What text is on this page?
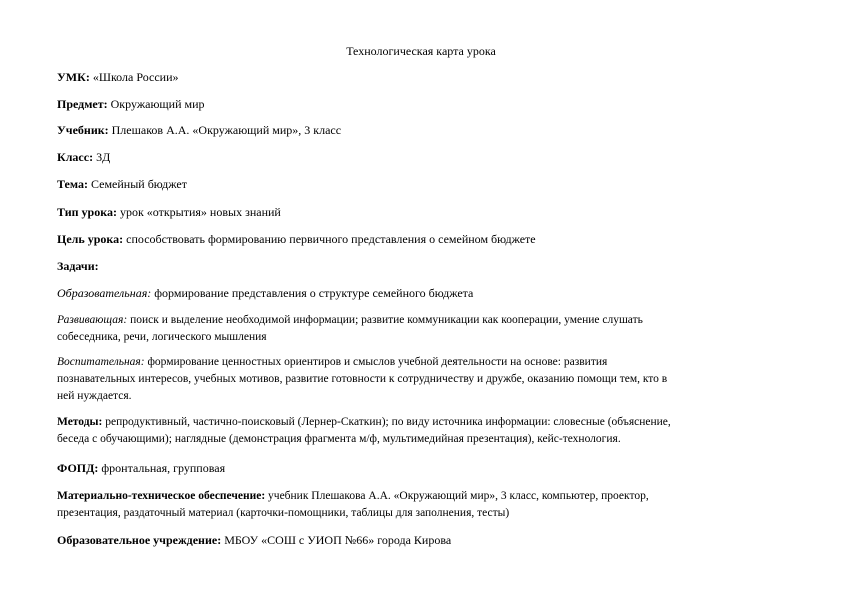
Технологическая карта урока
УМК: «Школа России»
Предмет: Окружающий мир
Учебник: Плешаков А.А. «Окружающий мир», 3 класс
Класс: 3Д
Тема: Семейный бюджет
Тип урока: урок «открытия» новых знаний
Цель урока: способствовать формированию первичного представления о семейном бюджете
Задачи:
Образовательная: формирование представления о структуре семейного бюджета
Развивающая: поиск и выделение необходимой информации; развитие коммуникации как кооперации, умение слушать
собеседника, речи, логического мышления
Воспитательная: формирование ценностных ориентиров и смыслов учебной деятельности на основе: развития
познавательных интересов, учебных мотивов, развитие готовности к сотрудничеству и дружбе, оказанию помощи тем, кто в
ней нуждается.
Методы: репродуктивный, частично-поисковый (Лернер-Скаткин); по виду источника информации: словесные (объяснение,
беседа с обучающими); наглядные (демонстрация фрагмента м/ф, мультимедийная презентация), кейс-технология.
ФОПД: фронтальная, групповая
Материально-техническое обеспечение: учебник Плешакова А.А. «Окружающий мир», 3 класс, компьютер, проектор,
презентация, раздаточный материал (карточки-помощники, таблицы для заполнения, тесты)
Образовательное учреждение: МБОУ «СОШ с УИОП №66» города Кирова
